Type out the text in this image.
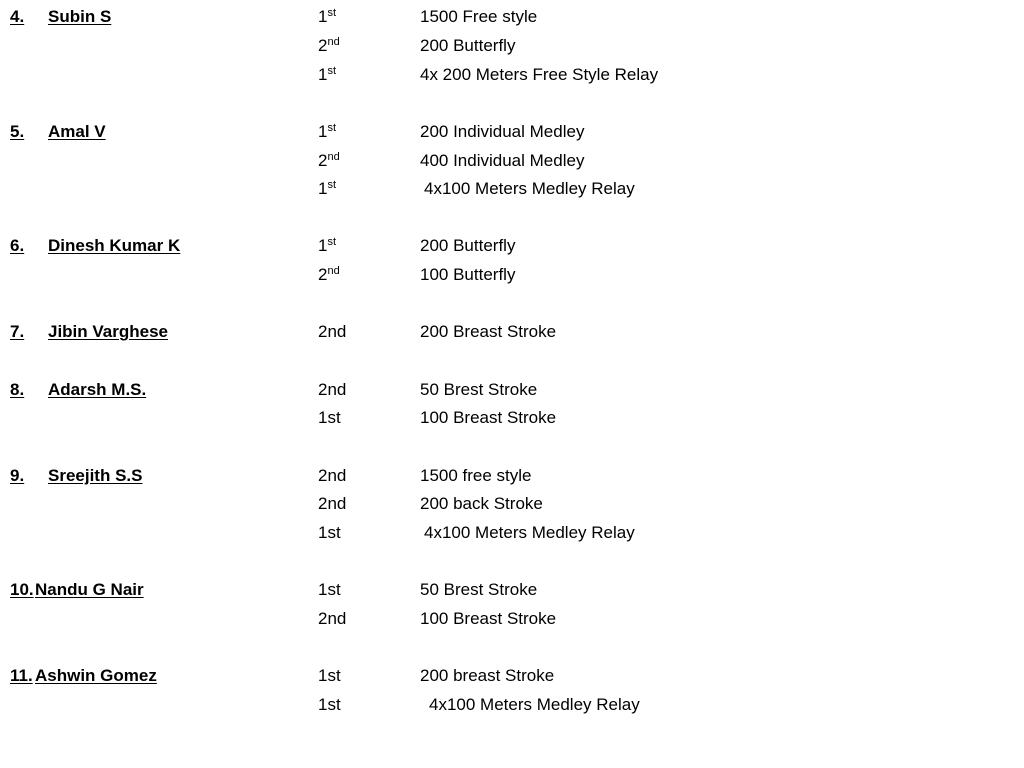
4. Subin S	1st	1500 Free style
2nd	200 Butterfly
1st	4x 200 Meters Free Style Relay
5. Amal V	1st	200 Individual Medley
2nd	400 Individual Medley
1st	4x100 Meters Medley Relay
6. Dinesh Kumar K	1st	200 Butterfly
2nd	100 Butterfly
7. Jibin Varghese	2nd	200 Breast Stroke
8. Adarsh M.S.	2nd	50 Brest Stroke
1st	100 Breast Stroke
9. Sreejith S.S	2nd	1500 free style
2nd	200 back Stroke
1st	4x100 Meters Medley Relay
10. Nandu G Nair	1st	50 Brest Stroke
2nd	100 Breast Stroke
11. Ashwin Gomez	1st	200 breast Stroke
1st	4x100 Meters Medley Relay
